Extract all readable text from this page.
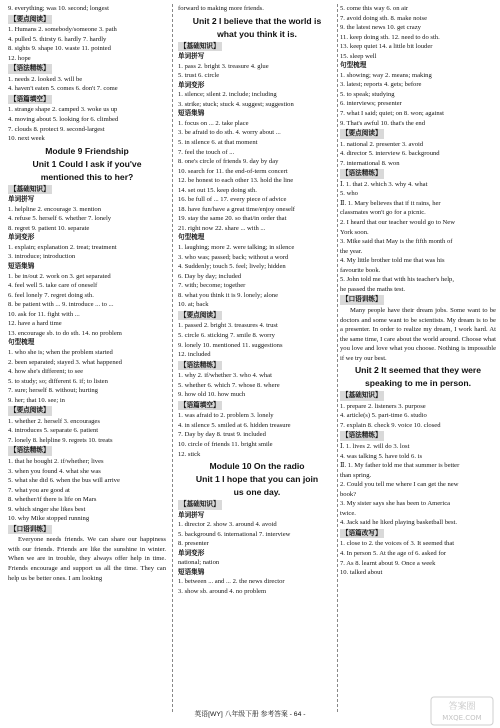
9. everything; was 10. second; longest
【要点阅读】
1. Humans 2. somebody/someone 3. path
4. pulled 5. thirsty 6. hardly 7. hardly
8. sights 9. shape 10. waste 11. pointed
12. hope
【语法精练】
1. needs 2. looked 3. will be
4. haven't eaten 5. comes 6. don't 7. come
【语篇填空】
1. strange shape 2. camped 3. woke us up
4. moving about 5. looking for 6. climbed
7. clouds 8. protect 9. second-largest
10. next week
Module 9 Friendship
Unit 1 Could I ask if you've
mentioned this to her?
【基础知识】
单词拼写
1. helpline 2. encourage 3. mention
4. refuse 5. herself 6. whether 7. lonely
8. regret 9. patient 10. separate
单词变形
1. explain; explanation 2. treat; treatment
3. introduce; introduction
短语集锦
1. be in/out 2. work on 3. get separated
4. feel well 5. take care of oneself
6. feel lonely 7. regret doing sth.
8. be patient with ... 9. introduce ... to ...
10. ask for 11. fight with ...
12. have a hard time
13. encourage sb. to do sth. 14. no problem
句型梳理
1. who she is; when the problem started
2. been separated; stayed 3. what happened
4. how she's different; to see
5. to study; so; different 6. if; to listen
7. sure; herself 8. without; hurting
9. her; that 10. see; in
【要点阅读】
1. whether 2. herself 3. encourages
4. introduces 5. separate 6. patient
7. lonely 8. helpline 9. regrets 10. treats
【语法精练】
1. that he bought 2. if/whether; lives
3. when you found 4. what she was
5. what she did 6. when the bus will arrive
7. what you are good at
8. whether/if there is life on Mars
9. which singer she likes best
10. why Mike stopped running
【口语训练】
Everyone needs friends. We can share our happiness with our friends. Friends are like the sunshine in winter. When we are in trouble, they always offer help in time. Friends encourage and support us all the time. They can help us be better ones. I am looking
forward to making more friends.
Unit 2 I believe that the world is
what you think it is.
【基础知识】
单词拼写
1. pass 2. bright 3. treasure 4. glue
5. trust 6. circle
单词变形
1. silence; silent 2. include; including
3. strike; stuck; stuck 4. suggest; suggestion
短语集锦
1. focus on ... 2. take place
3. be afraid to do sth. 4. worry about ...
5. in silence 6. at that moment
7. feel the touch of ...
8. one's circle of friends 9. day by day
10. search for 11. the end-of-term concert
12. be honest to each other 13. hold the line
14. set out 15. keep doing sth.
16. be full of ... 17. every piece of advice
18. have fun/have a great time/enjoy oneself
19. stay the same 20. so that/in order that
21. right now 22. share ... with ...
句型梳理
1. laughing; more 2. were talking; in silence
3. who was; passed; back; without a word
4. Suddenly; touch 5. feel; lively; hidden
6. Day by day; included
7. with; become; together
8. what you think it is 9. lonely; alone
10. at; back
【要点阅读】
1. passed 2. bright 3. treasures 4. trust
5. circle 6. sticking 7. smile 8. worry
9. lonely 10. mentioned 11. suggestions
12. included
【语法精练】
1. why 2. if/whether 3. who 4. what
5. whether 6. which 7. whose 8. where
9. how old 10. how much
【语篇填空】
1. was afraid to 2. problem 3. lonely
4. in silence 5. smiled at 6. hidden treasure
7. Day by day 8. trust 9. included
10. circle of friends 11. bright smile
12. stick
Module 10 On the radio
Unit 1 I hope that you can join
us one day.
【基础知识】
单词拼写
1. director 2. show 3. around 4. avoid
5. background 6. international 7. interview
8. presenter
单词变形
national; nation
短语集锦
1. between ... and ... 2. the news director
3. show sb. around 4. no problem
5. come this way 6. on air
7. avoid doing sth. 8. make noise
9. the latest news 10. get crazy
11. keep doing sth. 12. need to do sth.
13. keep quiet 14. a little bit louder
15. sleep well
句型梳理
1. showing; way 2. means; making
3. latest; reports 4. gets; before
5. to speak; studying
6. interviews; presenter
7. what I said; quiet; on 8. won; against
9. That's awful 10. that's the end
【要点阅读】
1. national 2. presenter 3. avoid
4. director 5. interview 6. background
7. international 8. won
【语法精练】
Ⅰ. 1. that 2. which 3. why 4. what
5. who
Ⅱ. 1. Mary believes that if it rains, her
classmates won't go for a picnic.
2. I heard that our teacher would go to New
York soon.
3. Mike said that May is the fifth month of
the year.
4. My little brother told me that was his
favourite book.
5. John told me that with his teacher's help,
he passed the maths test.
【口语训练】
Many people have their dream jobs. Some want to be doctors and some want to be scientists. My dream is to be a presenter. In order to realize my dream, I work hard. At the same time, I care about the world around. Choose what you love and love what you choose. Nothing is impossible if we try our best.
Unit 2 It seemed that they were
speaking to me in person.
【基础知识】
1. prepare 2. listeners 3. purpose
4. article(s) 5. part-time 6. studio
7. explain 8. check 9. voice 10. closed
【语法精练】
Ⅰ. 1. lives 2. will do 3. lost
4. was talking 5. have told 6. is
Ⅱ. 1. My father told me that summer is better
than spring.
2. Could you tell me where I can get the new
book?
3. My sister says she has been to America
twice.
4. Jack said he liked playing basketball best.
【语篇改写】
1. close to 2. the voices of 3. It seemed that
4. In person 5. At the age of 6. asked for
7. As 8. learnt about 9. Once a week
10. talked about
英语[WY] 八年级下册 参考答案 - 64 -
答案圈
MXQE.COM
